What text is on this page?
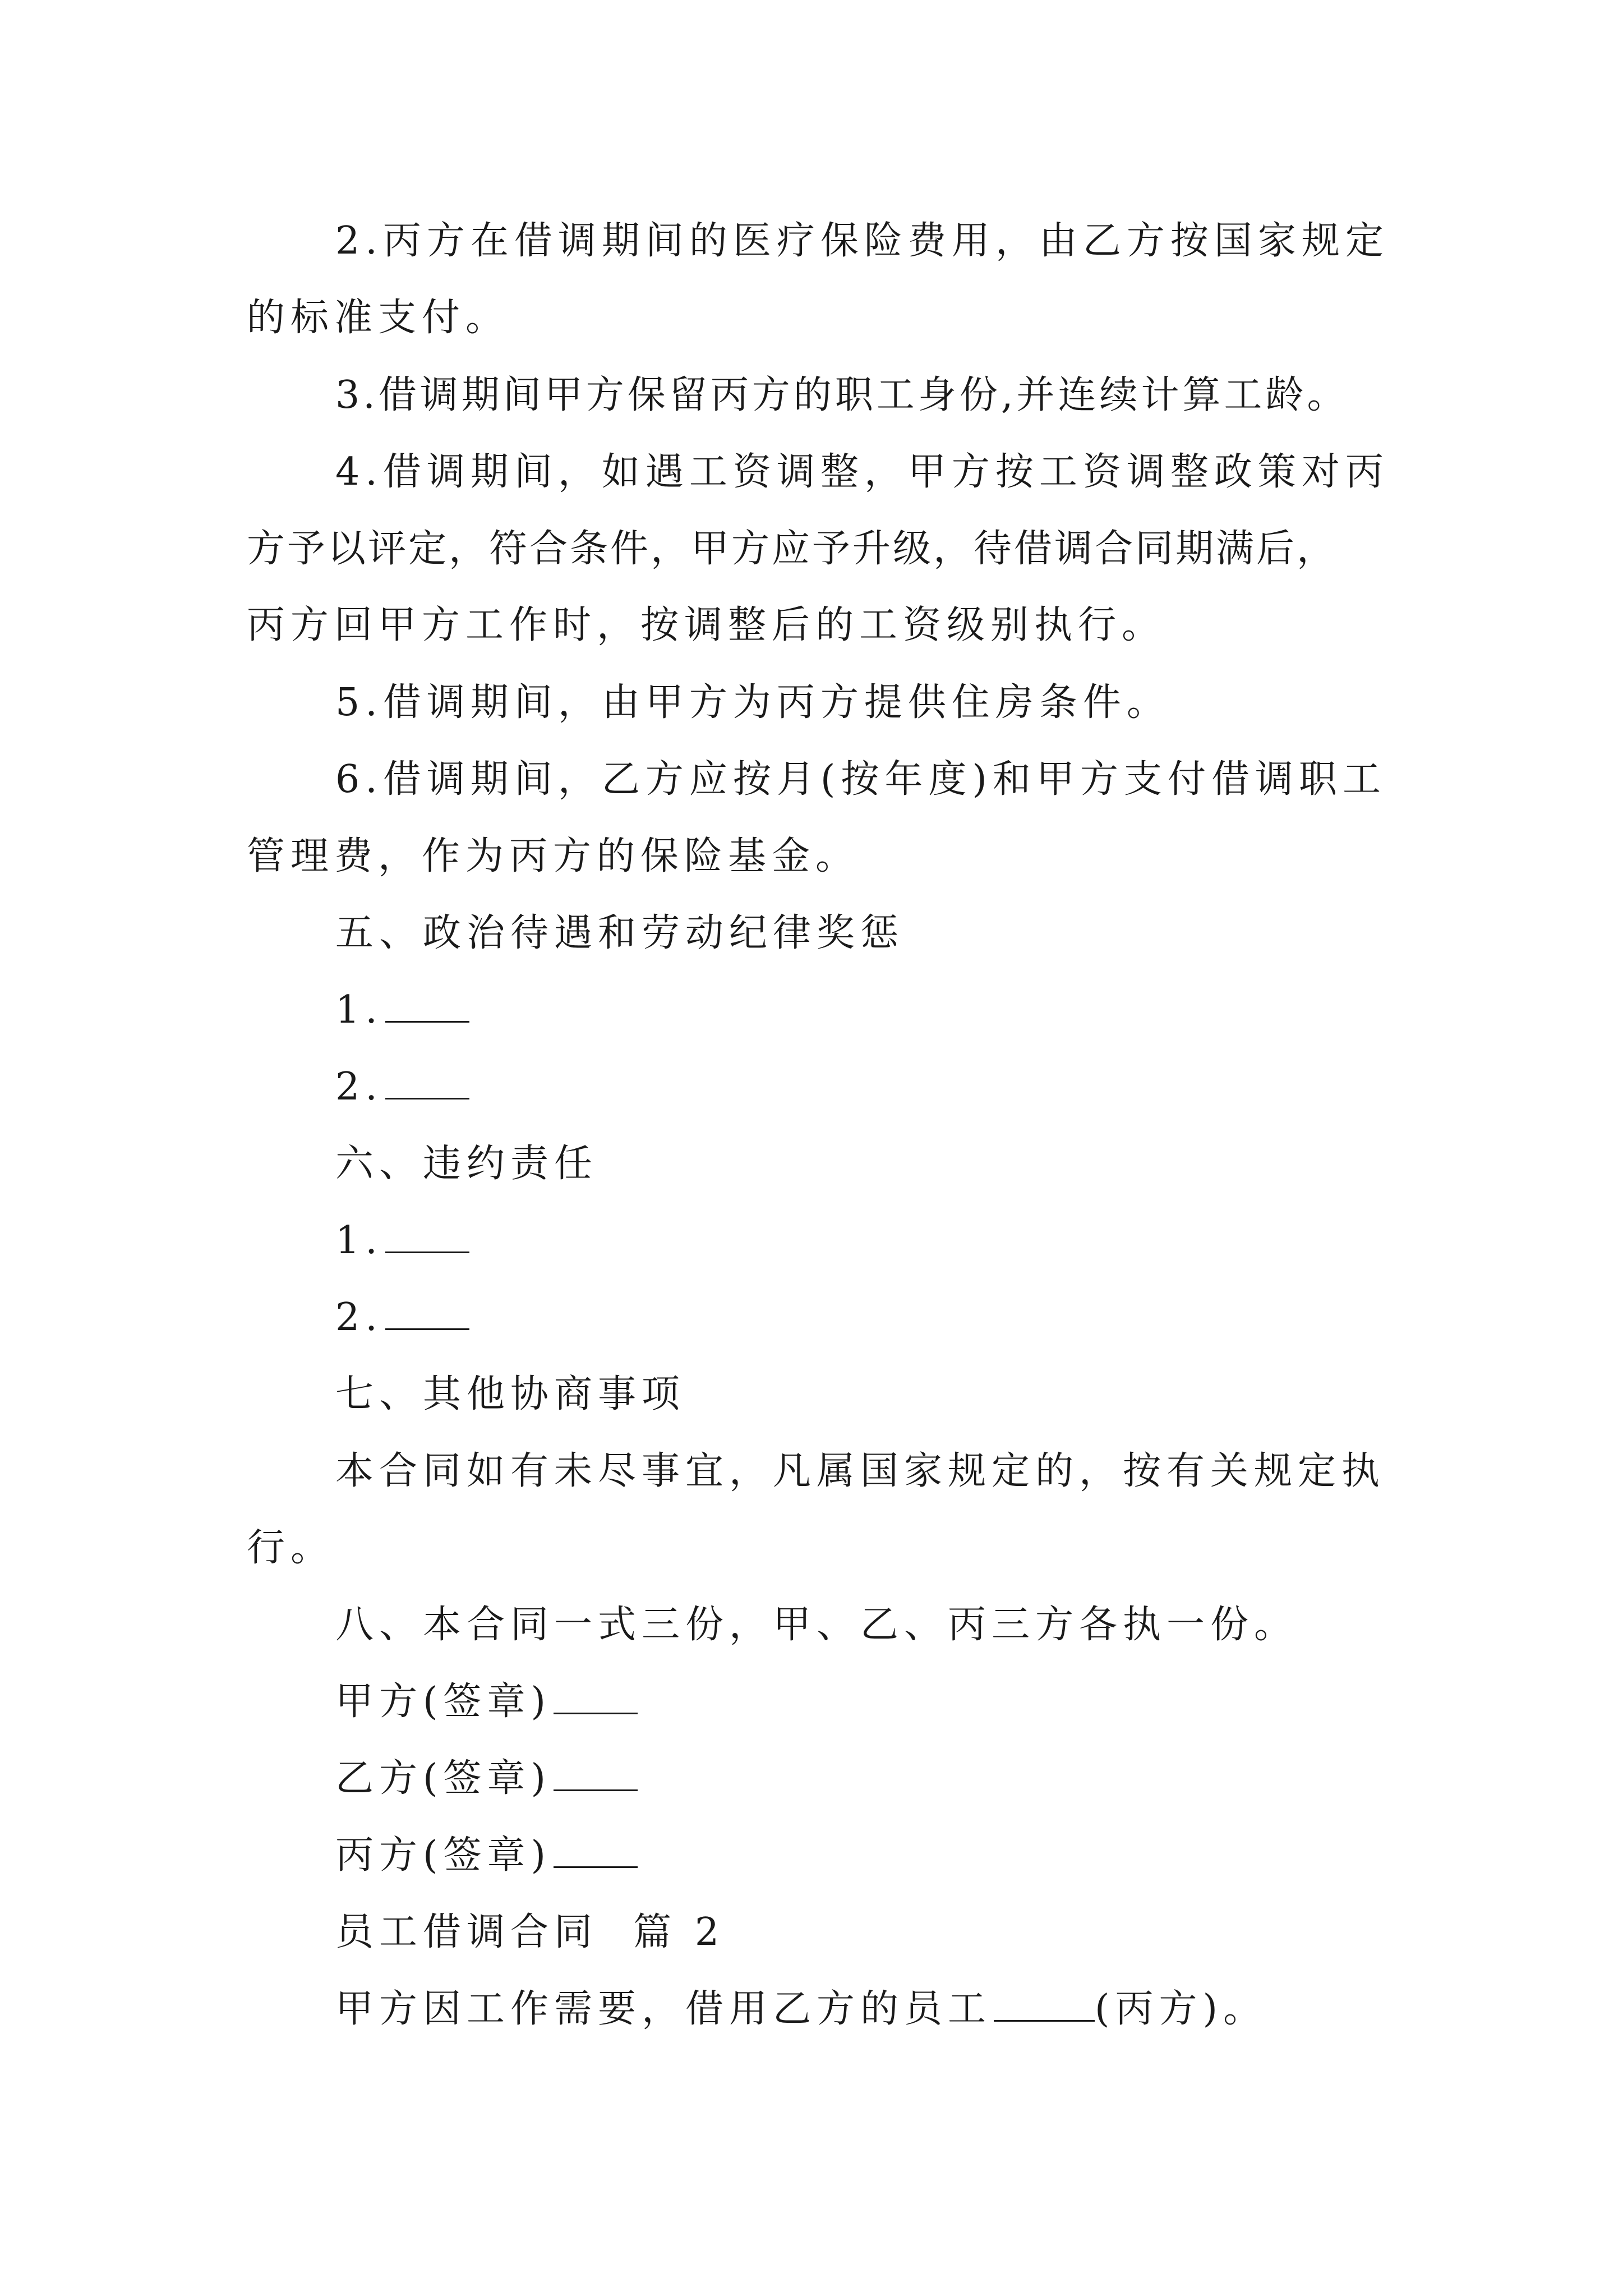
2.丙方在借调期间的医疗保险费用，由乙方按国家规定
的标准支付。
3.借调期间甲方保留丙方的职工身份,并连续计算工龄。
4.借调期间，如遇工资调整，甲方按工资调整政策对丙
方予以评定，符合条件，甲方应予升级，待借调合同期满后，
丙方回甲方工作时，按调整后的工资级别执行。
5.借调期间，由甲方为丙方提供住房条件。
6.借调期间，乙方应按月(按年度)和甲方支付借调职工
管理费，作为丙方的保险基金。
五、政治待遇和劳动纪律奖惩
1.
2.
六、违约责任
1.
2.
七、其他协商事项
本合同如有未尽事宜，凡属国家规定的，按有关规定执
行。
八、本合同一式三份，甲、乙、丙三方各执一份。
甲方(签章)
乙方(签章)
丙方(签章)
员工借调合同  篇 2
甲方因工作需要，借用乙方的员工	(丙方)。
